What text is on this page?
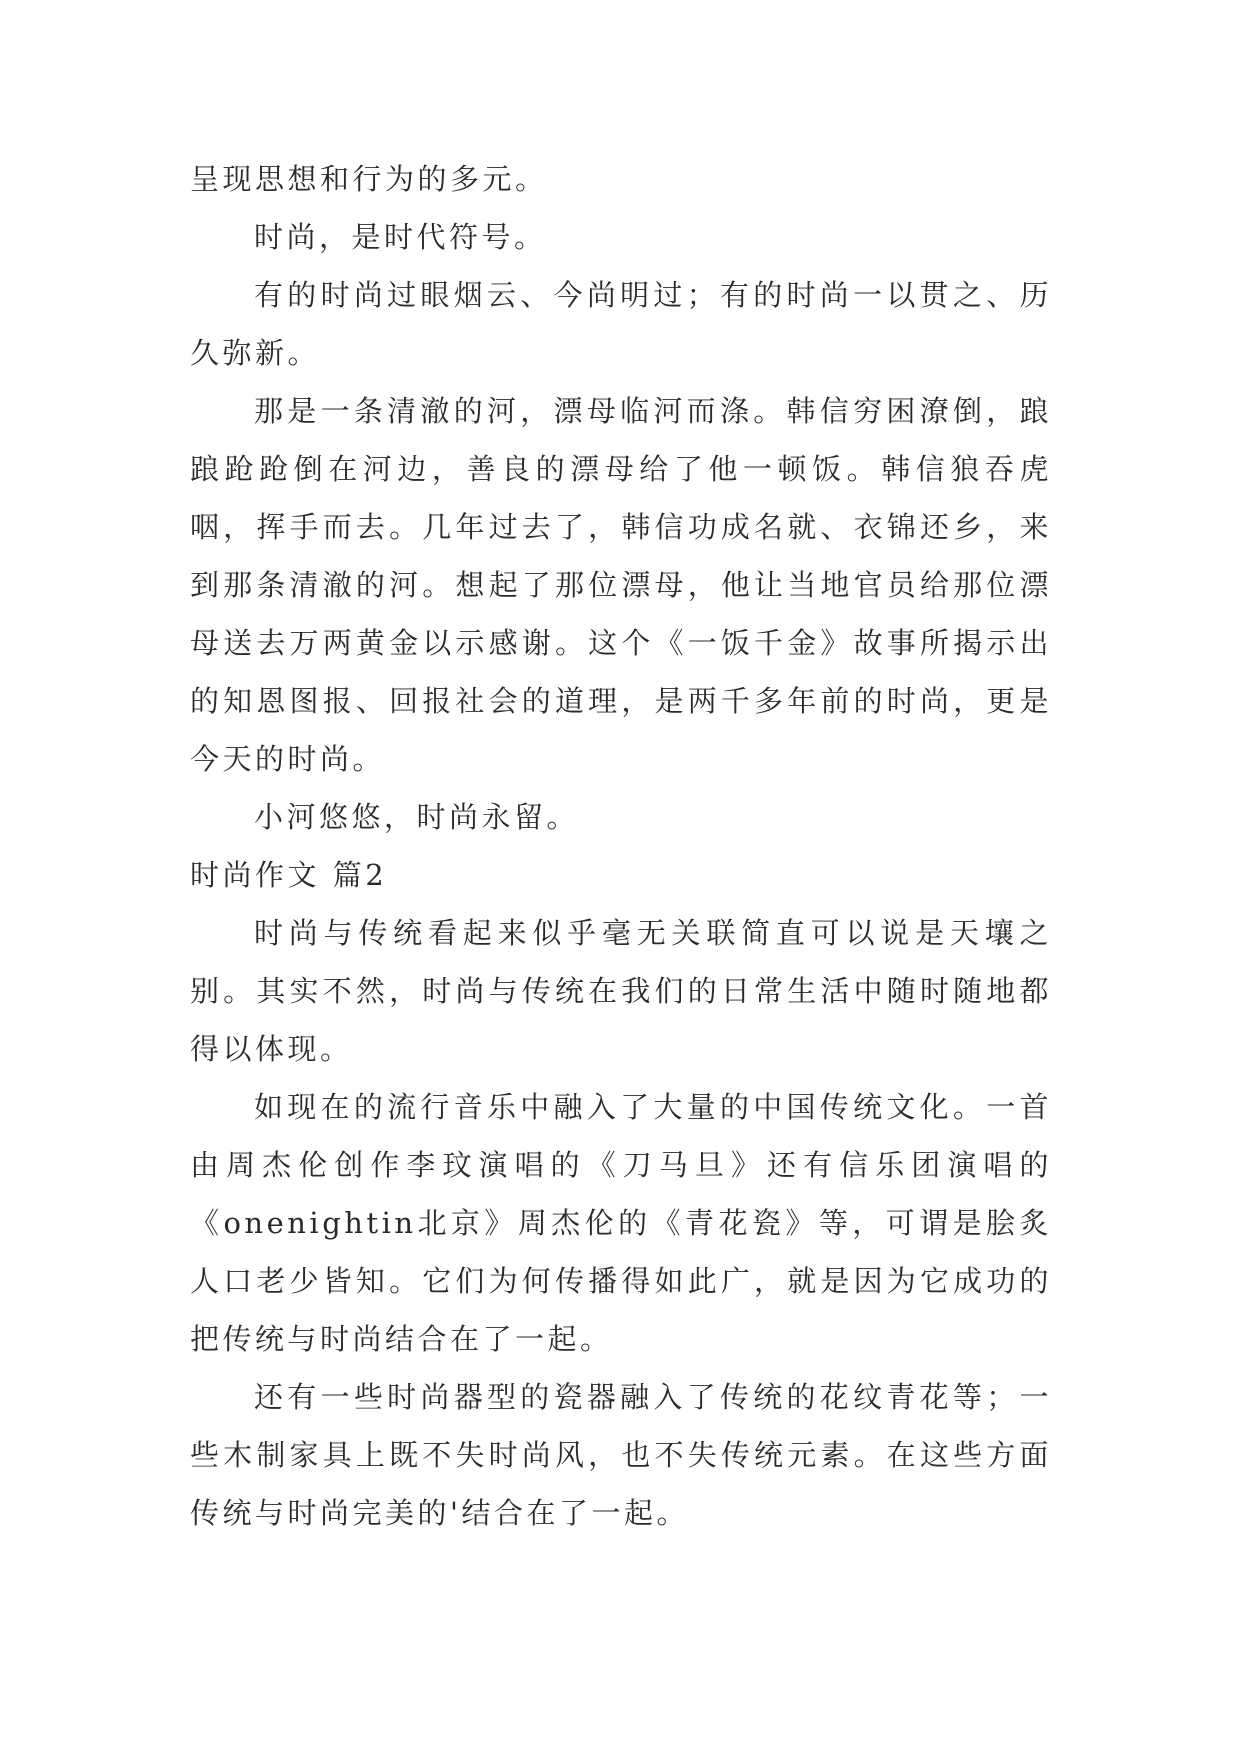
呈现思想和行为的多元。

时尚，是时代符号。

有的时尚过眼烟云、今尚明过；有的时尚一以贯之、历久弥新。

那是一条清澈的河，漂母临河而涤。韩信穷困潦倒，踉踉跄跄倒在河边，善良的漂母给了他一顿饭。韩信狼吞虎咽，挥手而去。几年过去了，韩信功成名就、衣锦还乡，来到那条清澈的河。想起了那位漂母，他让当地官员给那位漂母送去万两黄金以示感谢。这个《一饭千金》故事所揭示出的知恩图报、回报社会的道理，是两千多年前的时尚，更是今天的时尚。

小河悠悠，时尚永留。

时尚作文 篇2

时尚与传统看起来似乎毫无关联简直可以说是天壤之别。其实不然，时尚与传统在我们的日常生活中随时随地都得以体现。

如现在的流行音乐中融入了大量的中国传统文化。一首由周杰伦创作李玟演唱的《刀马旦》还有信乐团演唱的《onenightin北京》周杰伦的《青花瓷》等，可谓是脍炙人口老少皆知。它们为何传播得如此广，就是因为它成功的把传统与时尚结合在了一起。

还有一些时尚器型的瓷器融入了传统的花纹青花等；一些木制家具上既不失时尚风，也不失传统元素。在这些方面传统与时尚完美的'结合在了一起。
